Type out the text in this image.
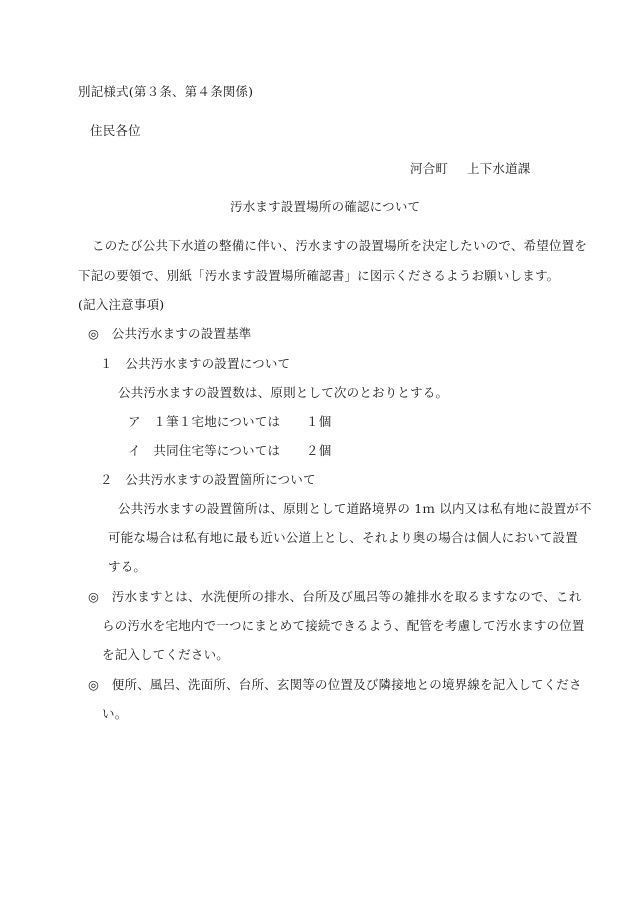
別記様式(第３条、第４条関係)
住民各位
河合町 上下水道課
汚水ます設置場所の確認について
このたび公共下水道の整備に伴い、汚水ますの設置場所を決定したいので、希望位置を
下記の要領で、別紙「汚水ます設置場所確認書」に図示くださるようお願いします。
(記入注意事項)
◎　公共汚水ますの設置基準
１　公共汚水ますの設置について
公共汚水ますの設置数は、原則として次のとおりとする。
ア　１筆１宅地については １個
イ　共同住宅等については ２個
２　公共汚水ますの設置箇所について
公共汚水ますの設置箇所は、原則として道路境界の 1ｍ 以内又は私有地に設置が不
可能な場合は私有地に最も近い公道上とし、それより奥の場合は個人において設置
する。
◎　汚水ますとは、水洗便所の排水、台所及び風呂等の雑排水を取るますなので、これ
らの汚水を宅地内で一つにまとめて接続できるよう、配管を考慮して汚水ますの位置
を記入してください。
◎　便所、風呂、洗面所、台所、玄関等の位置及び隣接地との境界線を記入してくださ
い。
